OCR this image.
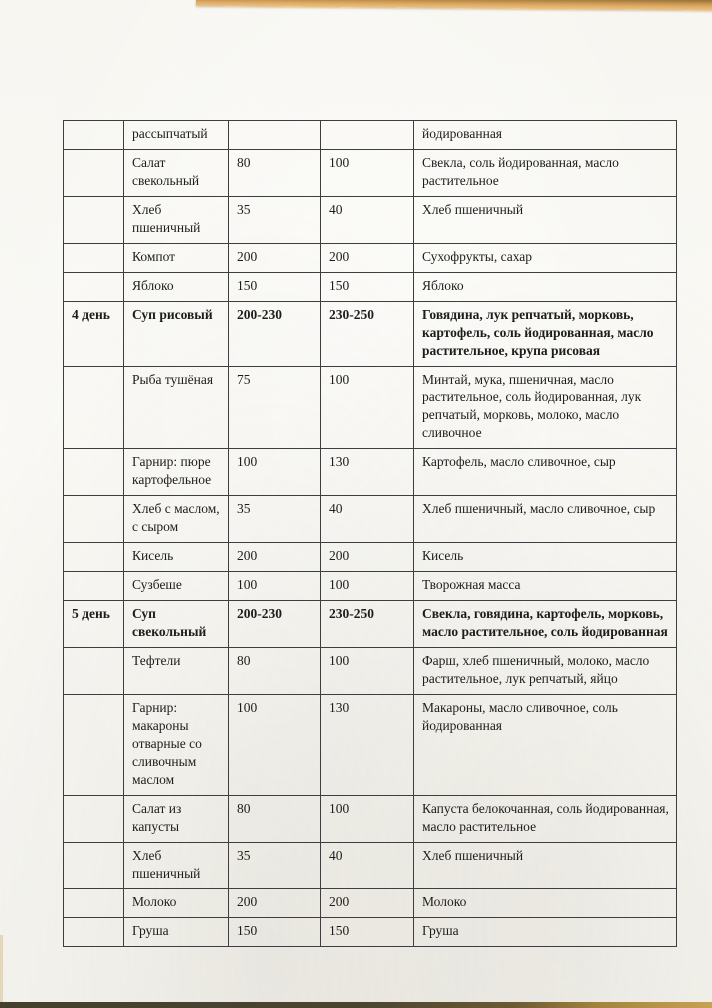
	рассыпчатый			йодированная
	Салат свекольный	80	100	Свекла, соль йодированная, масло растительное
	Хлеб пшеничный	35	40	Хлеб пшеничный
	Компот	200	200	Сухофрукты, сахар
	Яблоко	150	150	Яблоко
4 день	Суп рисовый	200-230	230-250	Говядина, лук репчатый, морковь, картофель, соль йодированная, масло растительное, крупа рисовая
	Рыба тушёная	75	100	Минтай, мука, пшеничная, масло растительное, соль йодированная, лук репчатый, морковь, молоко, масло сливочное
	Гарнир: пюре картофельное	100	130	Картофель, масло сливочное, сыр
	Хлеб с маслом, с сыром	35	40	Хлеб пшеничный, масло сливочное, сыр
	Кисель	200	200	Кисель
	Сузбеше	100	100	Творожная масса
5 день	Суп свекольный	200-230	230-250	Свекла, говядина, картофель, морковь, масло растительное, соль йодированная
	Тефтели	80	100	Фарш, хлеб пшеничный, молоко, масло растительное, лук репчатый, яйцо
	Гарнир: макароны отварные со сливочным маслом	100	130	Макароны, масло сливочное, соль йодированная
	Салат из капусты	80	100	Капуста белокочанная, соль йодированная, масло растительное
	Хлеб пшеничный	35	40	Хлеб пшеничный
	Молоко	200	200	Молоко
	Груша	150	150	Груша
